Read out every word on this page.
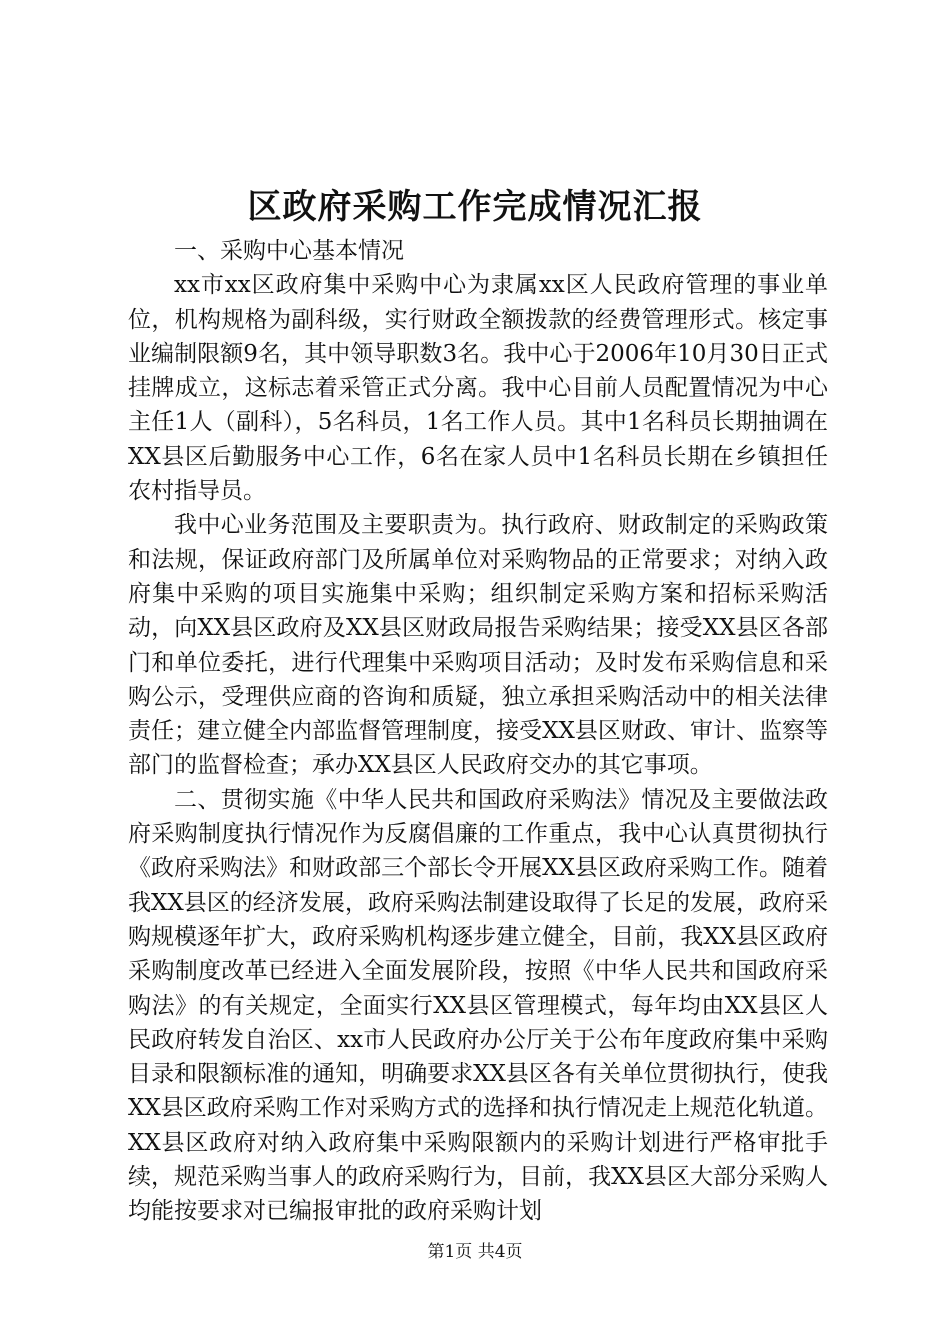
区政府采购工作完成情况汇报

一、采购中心基本情况

xx市xx区政府集中采购中心为隶属xx区人民政府管理的事业单位，机构规格为副科级，实行财政全额拨款的经费管理形式。核定事业编制限额9名，其中领导职数3名。我中心于2006年10月30日正式挂牌成立，这标志着采管正式分离。我中心目前人员配置情况为中心主任1人（副科），5名科员，1名工作人员。其中1名科员长期抽调在XX县区后勤服务中心工作，6名在家人员中1名科员长期在乡镇担任农村指导员。

我中心业务范围及主要职责为。执行政府、财政制定的采购政策和法规，保证政府部门及所属单位对采购物品的正常要求；对纳入政府集中采购的项目实施集中采购；组织制定采购方案和招标采购活动，向XX县区政府及XX县区财政局报告采购结果；接受XX县区各部门和单位委托，进行代理集中采购项目活动；及时发布采购信息和采购公示，受理供应商的咨询和质疑，独立承担采购活动中的相关法律责任；建立健全内部监督管理制度，接受XX县区财政、审计、监察等部门的监督检查；承办XX县区人民政府交办的其它事项。

二、贯彻实施《中华人民共和国政府采购法》情况及主要做法政府采购制度执行情况作为反腐倡廉的工作重点，我中心认真贯彻执行《政府采购法》和财政部三个部长令开展XX县区政府采购工作。随着我XX县区的经济发展，政府采购法制建设取得了长足的发展，政府采购规模逐年扩大，政府采购机构逐步建立健全，目前，我XX县区政府采购制度改革已经进入全面发展阶段，按照《中华人民共和国政府采购法》的有关规定，全面实行XX县区管理模式，每年均由XX县区人民政府转发自治区、xx市人民政府办公厅关于公布年度政府集中采购目录和限额标准的通知，明确要求XX县区各有关单位贯彻执行，使我XX县区政府采购工作对采购方式的选择和执行情况走上规范化轨道。XX县区政府对纳入政府集中采购限额内的采购计划进行严格审批手续，规范采购当事人的政府采购行为，目前，我XX县区大部分采购人均能按要求对已编报审批的政府采购计划

第1页 共4页
